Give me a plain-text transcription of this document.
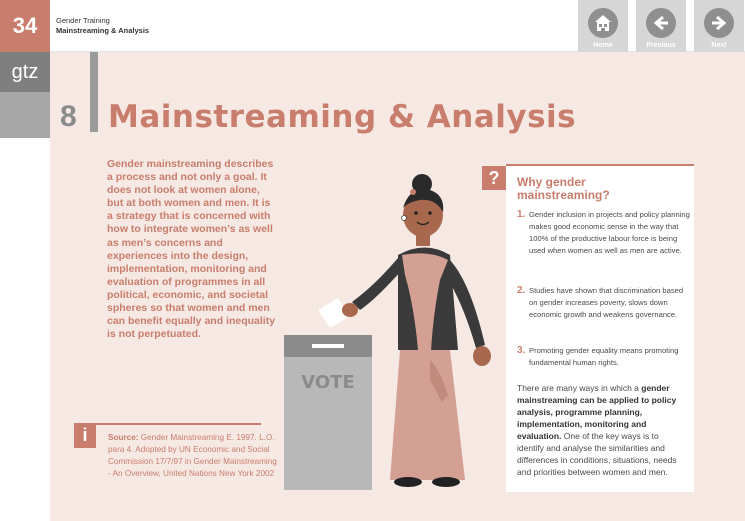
34	Gender Training
Mainstreaming & Analysis
Home	Previous	Next
gtz
8 Mainstreaming & Analysis
Gender mainstreaming describes a process and not only a goal. It does not look at women alone, but at both women and men. It is a strategy that is concerned with how to integrate women’s as well as men’s concerns and experiences into the design, implementation, monitoring and evaluation of programmes in all political, economic, and societal spheres so that women and men can benefit equally and inequality is not perpetuated.
i	Source: Gender Mainstreaming E. 1997. L.O. para 4. Adopted by UN Economic and Social Commission 17/7/97 in Gender Mainstreaming - An Overview, United Nations New York 2002
VOTE
?	Why gender mainstreaming?
1. Gender inclusion in projects and policy planning makes good economic sense in the way that 100% of the productive labour force is being used when women as well as men are active.
2. Studies have shown that discrimination based on gender increases poverty, slows down economic growth and weakens governance.
3. Promoting gender equality means promoting fundamental human rights.
There are many ways in which a gender mainstreaming can be applied to policy analysis, programme planning, implementation, monitoring and evaluation. One of the key ways is to identify and analyse the similarities and differences in conditions, situations, needs and priorities between women and men.
